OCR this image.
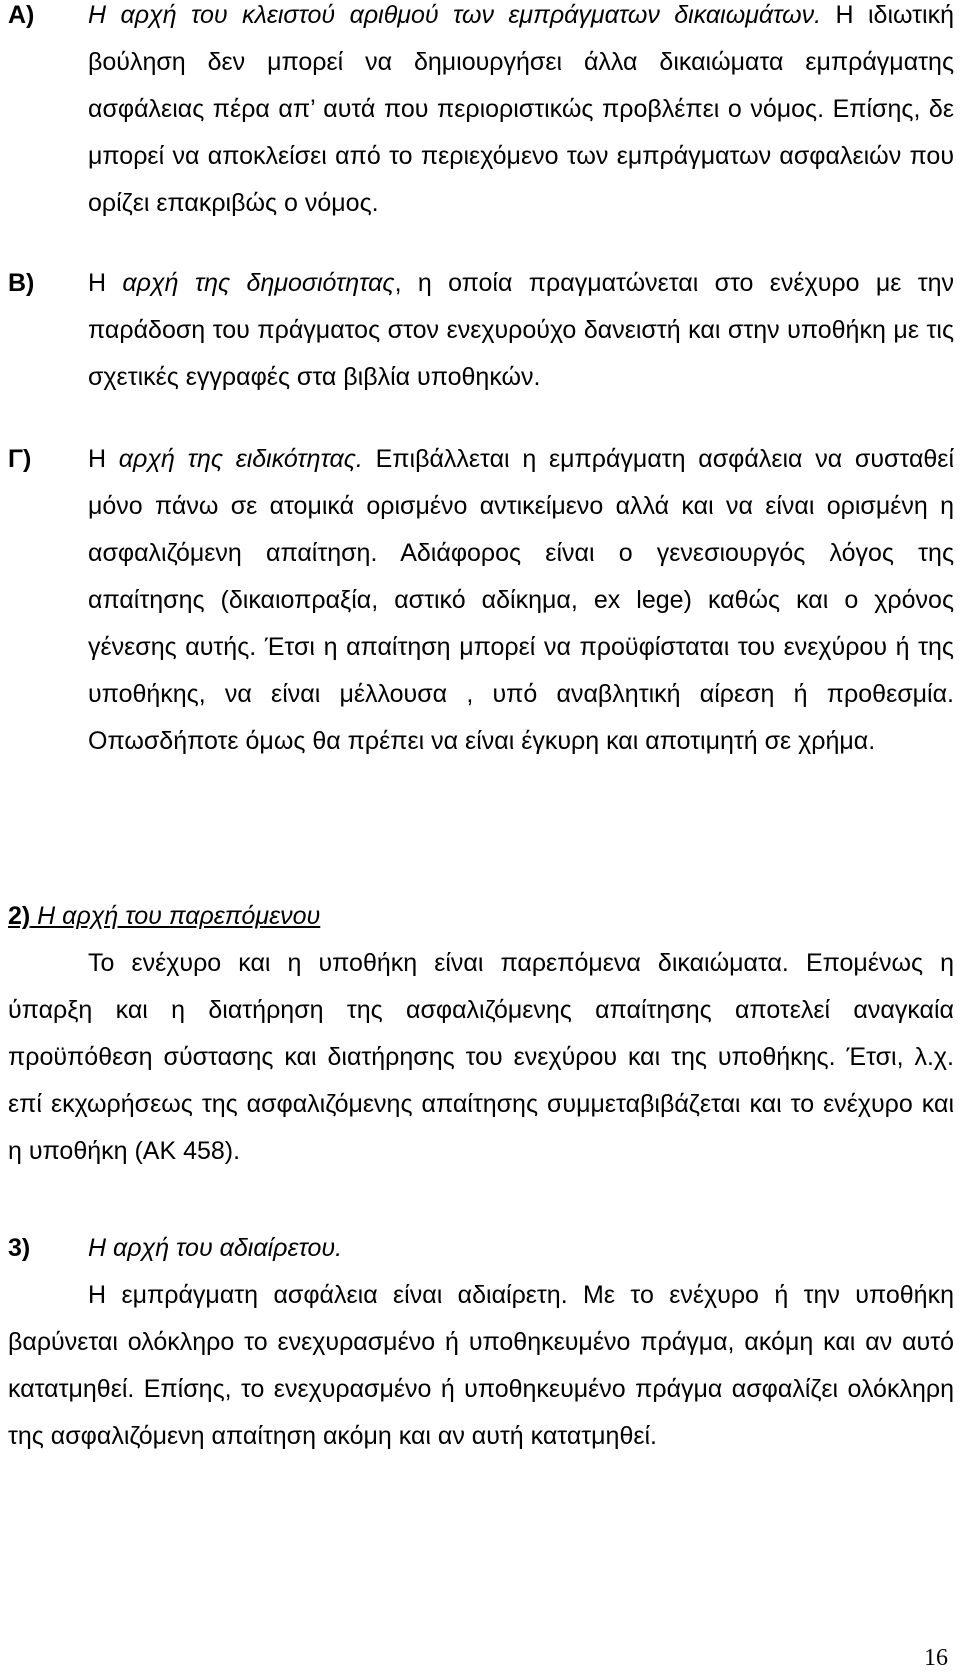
A) Η αρχή του κλειστού αριθμού των εμπράγματων δικαιωμάτων. Η ιδιωτική βούληση δεν μπορεί να δημιουργήσει άλλα δικαιώματα εμπράγματης ασφάλειας πέρα απ’ αυτά που περιοριστικώς προβλέπει ο νόμος. Επίσης, δε μπορεί να αποκλείσει από το περιεχόμενο των εμπράγματων ασφαλειών που ορίζει επακριβώς ο νόμος.
B) Η αρχή της δημοσιότητας, η οποία πραγματώνεται στο ενέχυρο με την παράδοση του πράγματος στον ενεχυρούχο δανειστή και στην υποθήκη με τις σχετικές εγγραφές στα βιβλία υποθηκών.
Γ) Η αρχή της ειδικότητας. Επιβάλλεται η εμπράγματη ασφάλεια να συσταθεί μόνο πάνω σε ατομικά ορισμένο αντικείμενο αλλά και να είναι ορισμένη η ασφαλιζόμενη απαίτηση. Αδιάφορος είναι ο γενεσιουργός λόγος της απαίτησης (δικαιοπραξία, αστικό αδίκημα, ex lege) καθώς και ο χρόνος γένεσης αυτής. Έτσι η απαίτηση μπορεί να προϋφίσταται του ενεχύρου ή της υποθήκης, να είναι μέλλουσα , υπό αναβλητική αίρεση ή προθεσμία. Οπωσδήποτε όμως θα πρέπει να είναι έγκυρη και αποτιμητή σε χρήμα.
2) Η αρχή του παρεπόμενου
Το ενέχυρο και η υποθήκη είναι παρεπόμενα δικαιώματα. Επομένως η ύπαρξη και η διατήρηση της ασφαλιζόμενης απαίτησης αποτελεί αναγκαία προϋπόθεση σύστασης και διατήρησης του ενεχύρου και της υποθήκης. Έτσι, λ.χ. επί εκχωρήσεως της ασφαλιζόμενης απαίτησης συμμεταβιβάζεται και το ενέχυρο και η υποθήκη (ΑΚ 458).
3) Η αρχή του αδιαίρετου.
Η εμπράγματη ασφάλεια είναι αδιαίρετη. Με το ενέχυρο ή την υποθήκη βαρύνεται ολόκληρο το ενεχυρασμένο ή υποθηκευμένο πράγμα, ακόμη και αν αυτό κατατμηθεί. Επίσης, το ενεχυρασμένο ή υποθηκευμένο πράγμα ασφαλίζει ολόκληρη της ασφαλιζόμενη απαίτηση ακόμη και αν αυτή κατατμηθεί.
16
